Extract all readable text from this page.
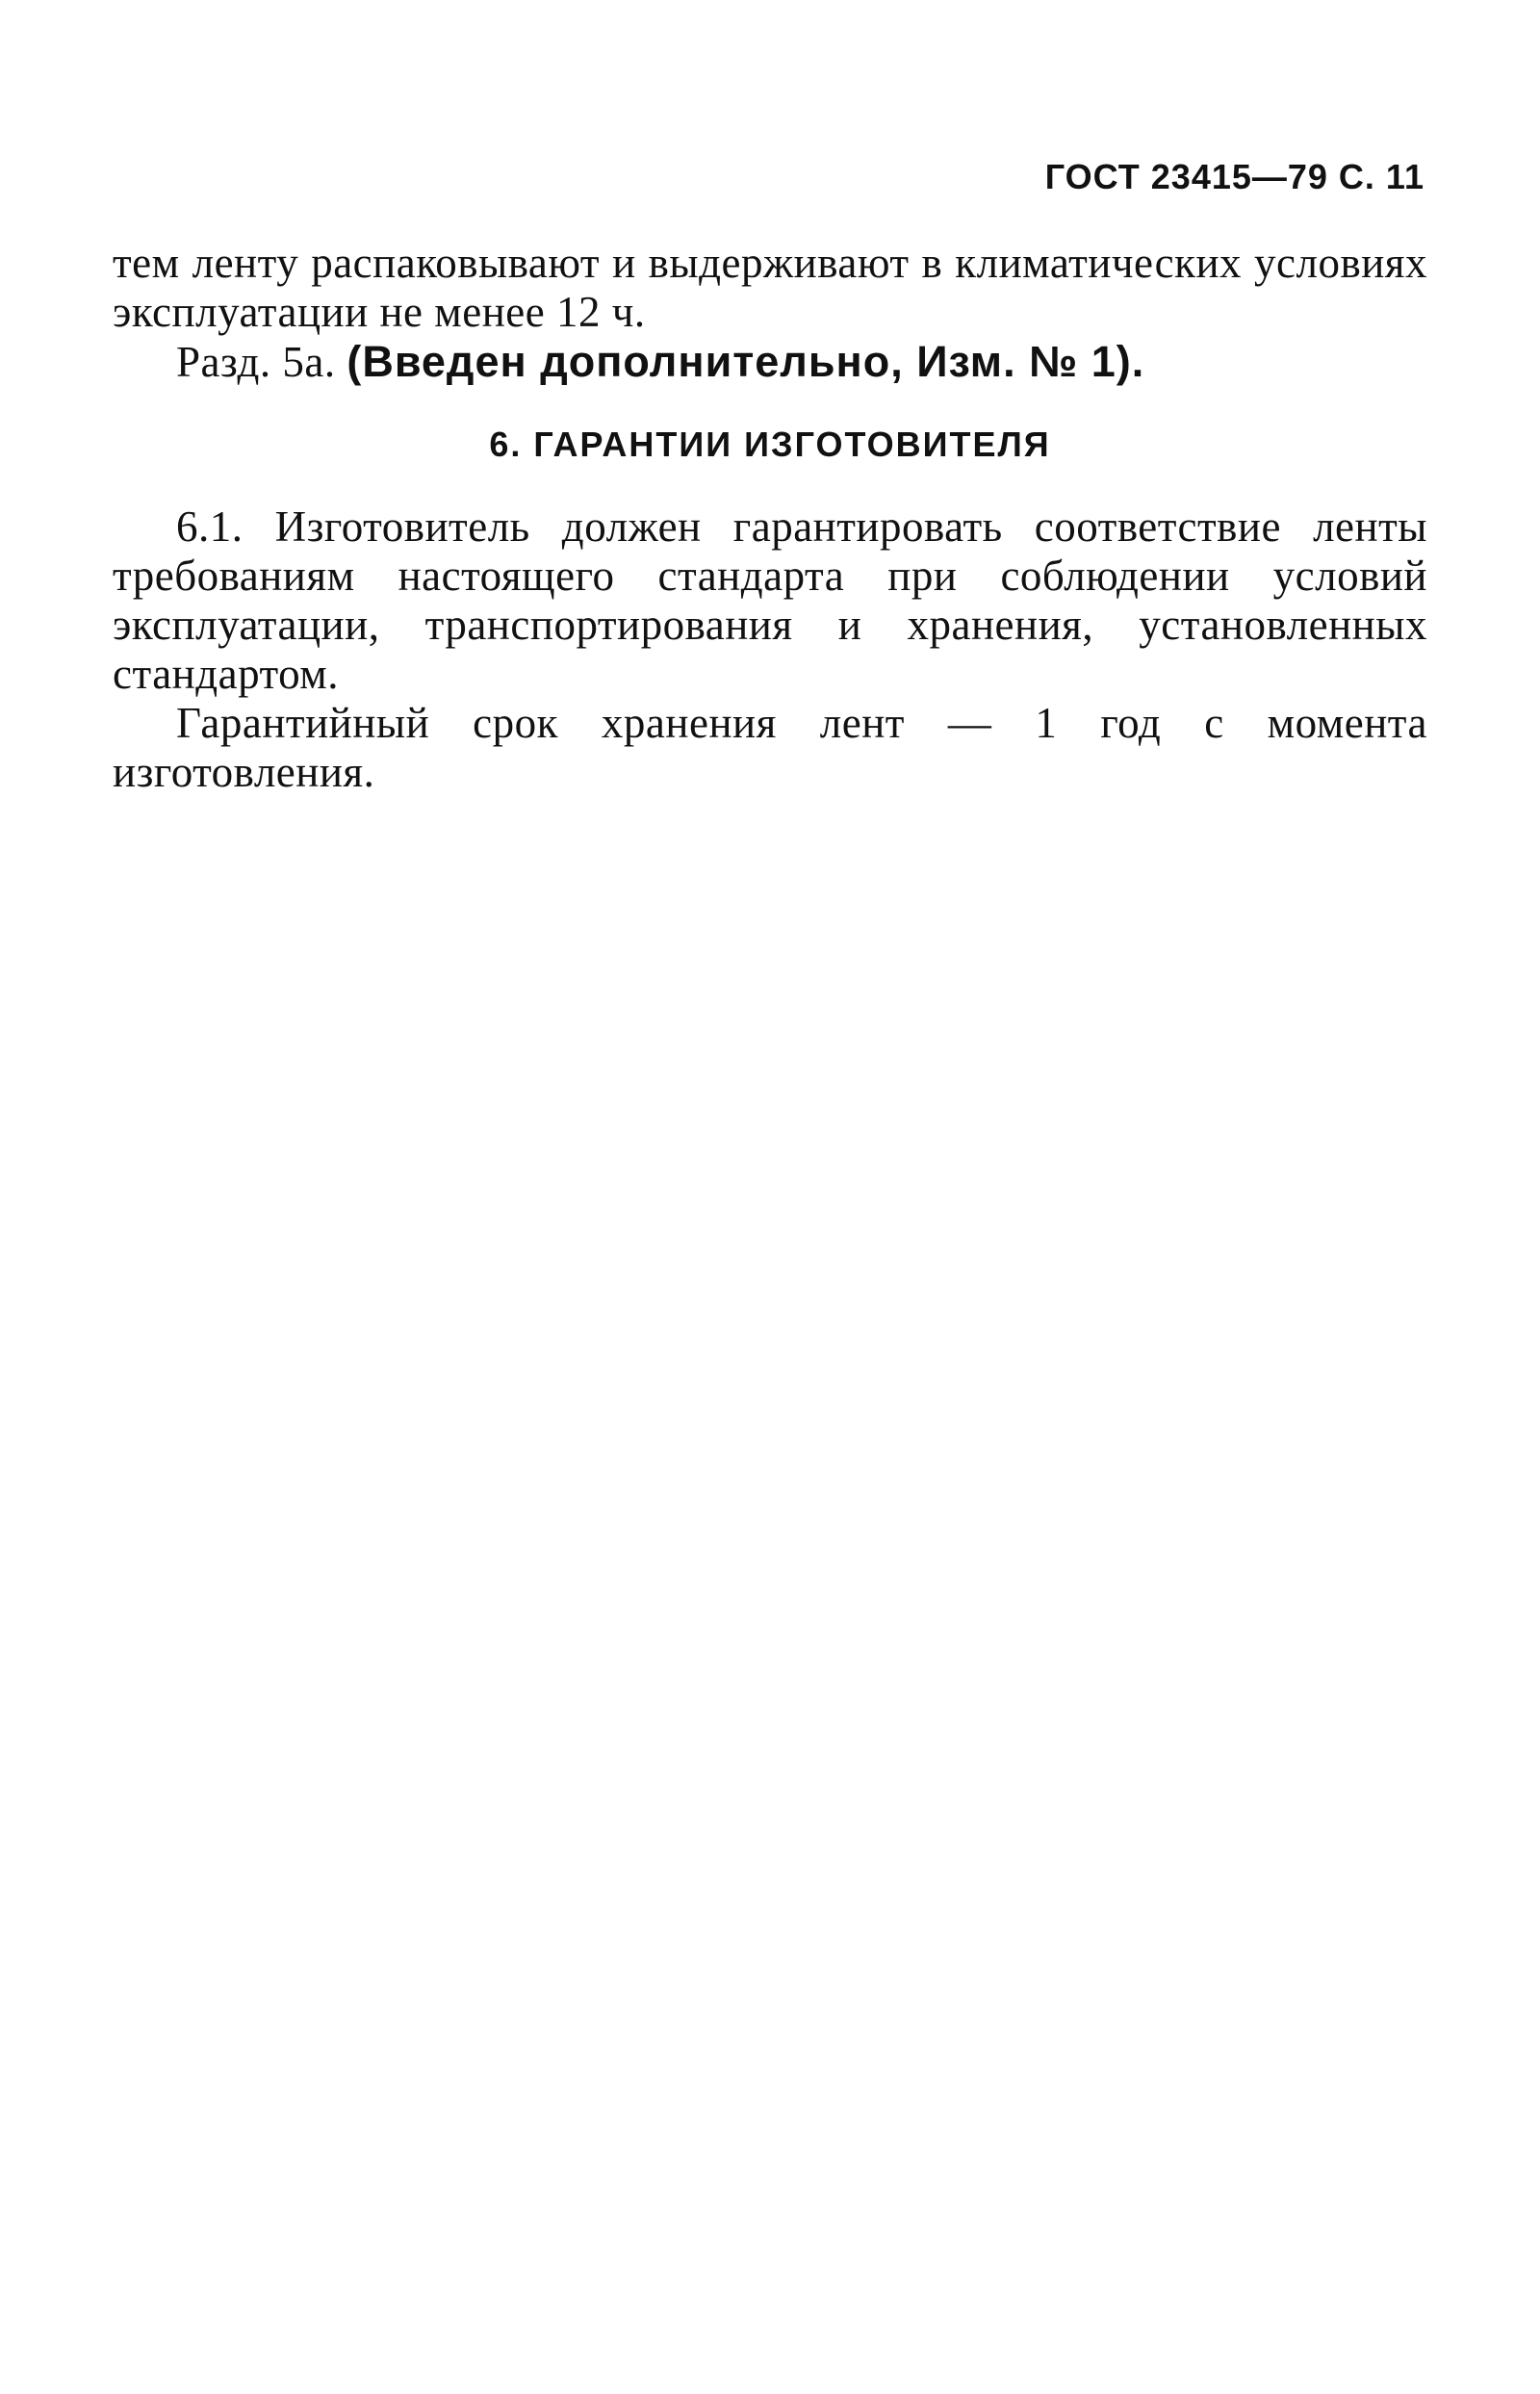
ГОСТ 23415—79 С. 11

тем ленту распаковывают и выдерживают в климатических условиях эксплуатации не менее 12 ч.

Разд. 5а. (Введен дополнительно, Изм. № 1).

6. ГАРАНТИИ ИЗГОТОВИТЕЛЯ

6.1. Изготовитель должен гарантировать соответствие ленты требованиям настоящего стандарта при соблюдении условий эксплуатации, транспортирования и хранения, установленных стандартом.

Гарантийный срок хранения лент — 1 год с момента изготовления.
